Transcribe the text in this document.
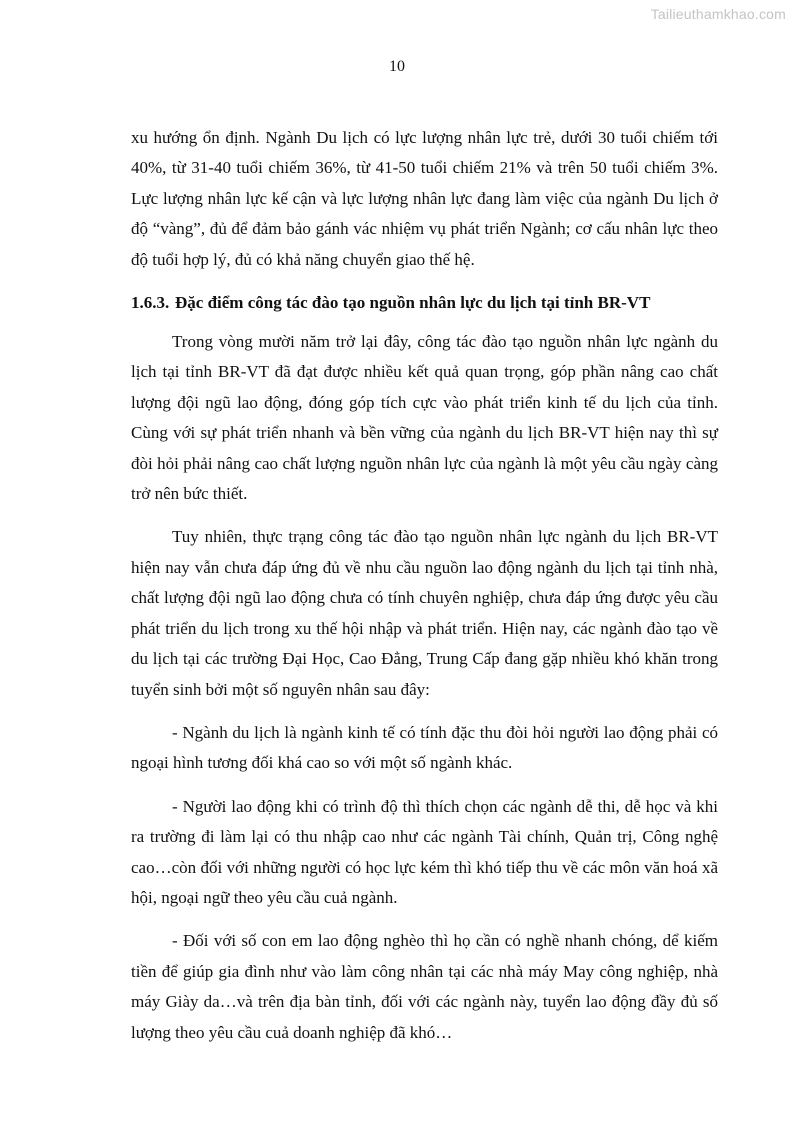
Tailieuthamkhao.com
10

xu hướng ổn định. Ngành Du lịch có lực lượng nhân lực trẻ, dưới 30 tuổi chiếm tới 40%, từ 31-40 tuổi chiếm 36%, từ 41-50 tuổi chiếm 21% và trên 50 tuổi chiếm 3%. Lực lượng nhân lực kế cận và lực lượng nhân lực đang làm việc của ngành Du lịch ở độ “vàng”, đủ để đảm bảo gánh vác nhiệm vụ phát triển Ngành; cơ cấu nhân lực theo độ tuổi hợp lý, đủ có khả năng chuyển giao thế hệ.

1.6.3. Đặc điểm công tác đào tạo nguồn nhân lực du lịch tại tỉnh BR-VT

Trong vòng mười năm trở lại đây, công tác đào tạo nguồn nhân lực ngành du lịch tại tỉnh BR-VT đã đạt được nhiều kết quả quan trọng, góp phần nâng cao chất lượng đội ngũ lao động, đóng góp tích cực vào phát triển kinh tế du lịch của tỉnh. Cùng với sự phát triển nhanh và bền vững của ngành du lịch BR-VT hiện nay thì sự đòi hỏi phải nâng cao chất lượng nguồn nhân lực của ngành là một yêu cầu ngày càng trở nên bức thiết.

Tuy nhiên, thực trạng công tác đào tạo nguồn nhân lực ngành du lịch BR-VT hiện nay vẫn chưa đáp ứng đủ về nhu cầu nguồn lao động ngành du lịch tại tỉnh nhà, chất lượng đội ngũ lao động chưa có tính chuyên nghiệp, chưa đáp ứng được yêu cầu phát triển du lịch trong xu thế hội nhập và phát triển. Hiện nay, các ngành đào tạo về du lịch tại các trường Đại Học, Cao Đẳng, Trung Cấp đang gặp nhiều khó khăn trong tuyển sinh bởi một số nguyên nhân sau đây:

- Ngành du lịch là ngành kinh tế có tính đặc thu đòi hỏi người lao động phải có ngoại hình tương đối khá cao so với một số ngành khác.

- Người lao động khi có trình độ thì thích chọn các ngành dễ thi, dễ học và khi ra trường đi làm lại có thu nhập cao như các ngành Tài chính, Quản trị, Công nghệ cao…còn đối với những người có học lực kém thì khó tiếp thu về các môn văn hoá xã hội, ngoại ngữ theo yêu cầu cuả ngành.

- Đối với số con em lao động nghèo thì họ cần có nghề nhanh chóng, dể kiếm tiền để giúp gia đình như vào làm công nhân tại các nhà máy May công nghiệp, nhà máy Giày da…và trên địa bàn tỉnh, đối với các ngành này, tuyển lao động đầy đủ số lượng theo yêu cầu cuả doanh nghiệp đã khó…
